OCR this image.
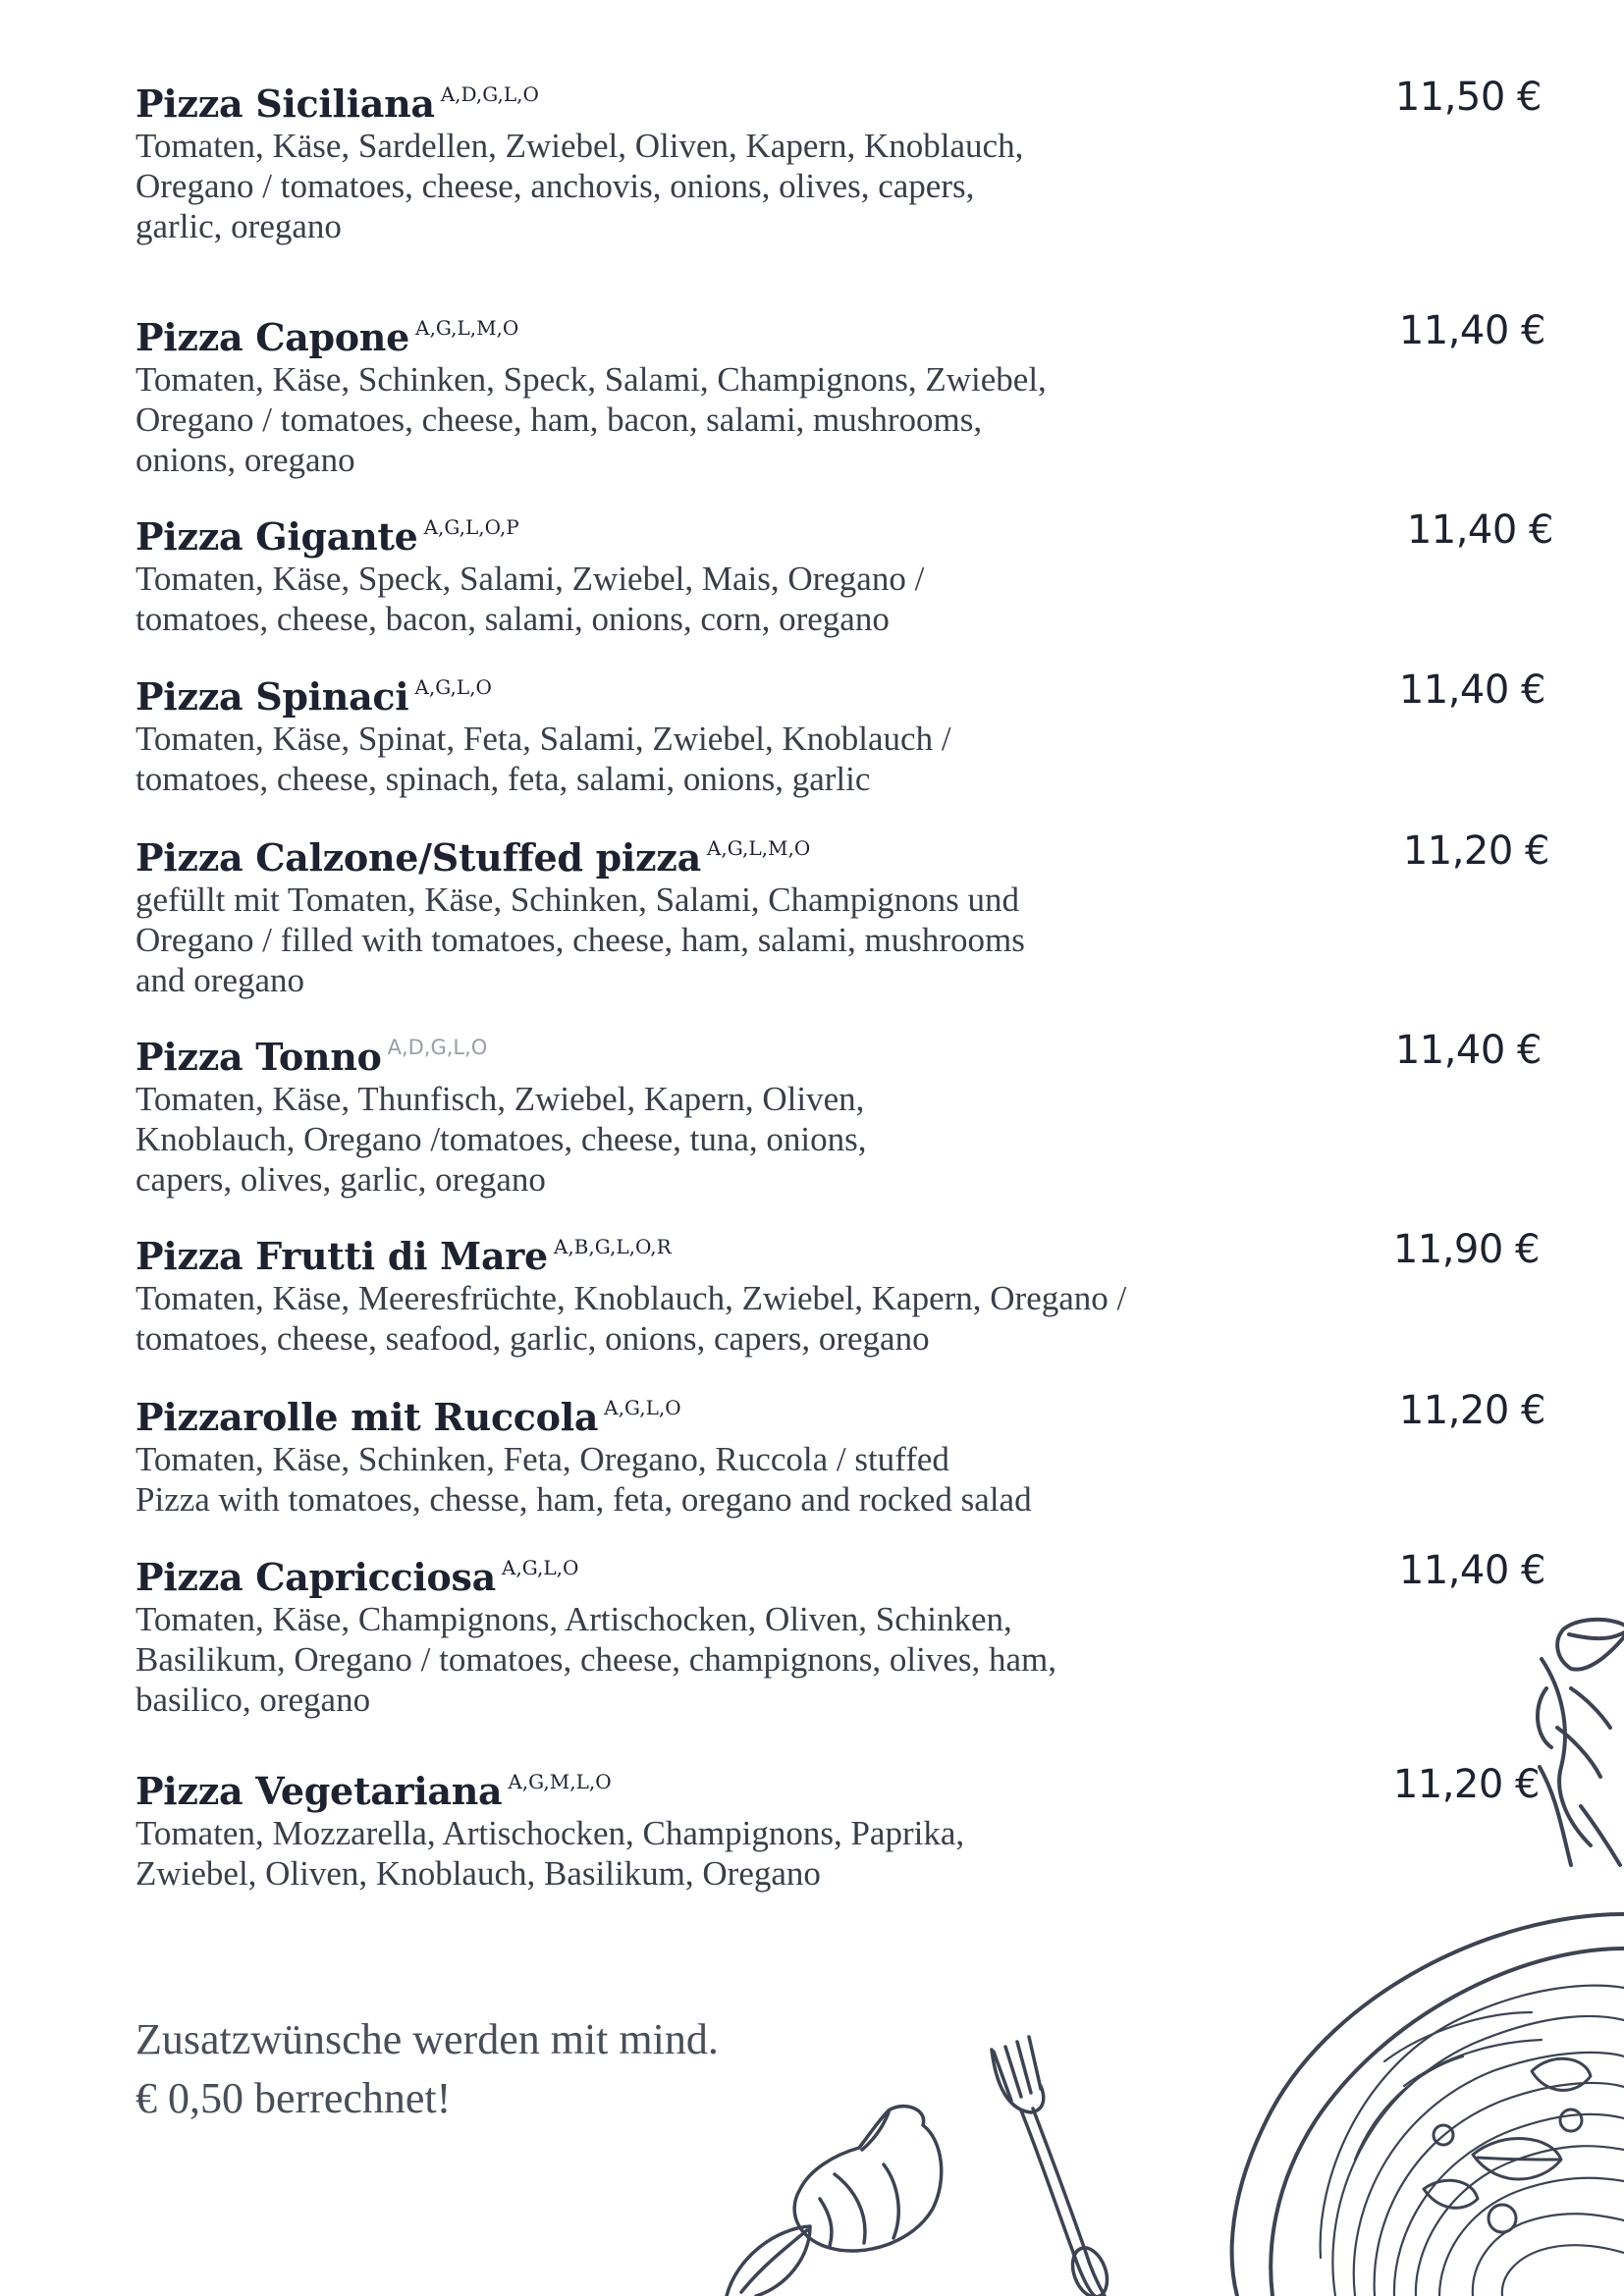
Pizza Siciliana $^{A,D,G,L,O}$
Tomaten, Käse, Sardellen, Zwiebel, Oliven, Kapern, Knoblauch,
Oregano / tomatoes, cheese, anchovis, onions, olives, capers,
garlic, oregano
11,50 €
Pizza Capone $^{A,G,L,M,O}$
Tomaten, Käse, Schinken, Speck, Salami, Champignons, Zwiebel,
Oregano / tomatoes, cheese, ham, bacon, salami, mushrooms,
onions, oregano
11,40 €
Pizza Gigante $^{A,G,L,O,P}$
Tomaten, Käse, Speck, Salami, Zwiebel, Mais, Oregano /
tomatoes, cheese, bacon, salami, onions, corn, oregano
11,40 €
Pizza Spinaci $^{A,G,L,O}$
Tomaten, Käse, Spinat, Feta, Salami, Zwiebel, Knoblauch /
tomatoes, cheese, spinach, feta, salami, onions, garlic
11,40 €
Pizza Calzone/Stuffed pizza $^{A,G,L,M,O}$
gefüllt mit Tomaten, Käse, Schinken, Salami, Champignons und
Oregano / filled with tomatoes, cheese, ham, salami, mushrooms
and oregano
11,20 €
Pizza Tonno $^{A,D,G,L,O}$
Tomaten, Käse, Thunfisch, Zwiebel, Kapern, Oliven,
Knoblauch, Oregano /tomatoes, cheese, tuna, onions,
capers, olives, garlic, oregano
11,40 €
Pizza Frutti di Mare $^{A,B,G,L,O,R}$
Tomaten, Käse, Meeresfrüchte, Knoblauch, Zwiebel, Kapern, Oregano /
tomatoes, cheese, seafood, garlic, onions, capers, oregano
11,90 €
Pizzarolle mit Ruccola $^{A,G,L,O}$
Tomaten, Käse, Schinken, Feta, Oregano, Ruccola / stuffed
Pizza with tomatoes, chesse, ham, feta, oregano and rocked salad
11,20 €
Pizza Capricciosa $^{A,G,L,O}$
Tomaten, Käse, Champignons, Artischocken, Oliven, Schinken,
Basilikum, Oregano / tomatoes, cheese, champignons, olives, ham,
basilico, oregano
11,40 €
Pizza Vegetariana $^{A,G,M,L,O}$
Tomaten, Mozzarella, Artischocken, Champignons, Paprika,
Zwiebel, Oliven, Knoblauch, Basilikum, Oregano
11,20 €
Zusatzwünsche werden mit mind.
€ 0,50 berrechnet!
